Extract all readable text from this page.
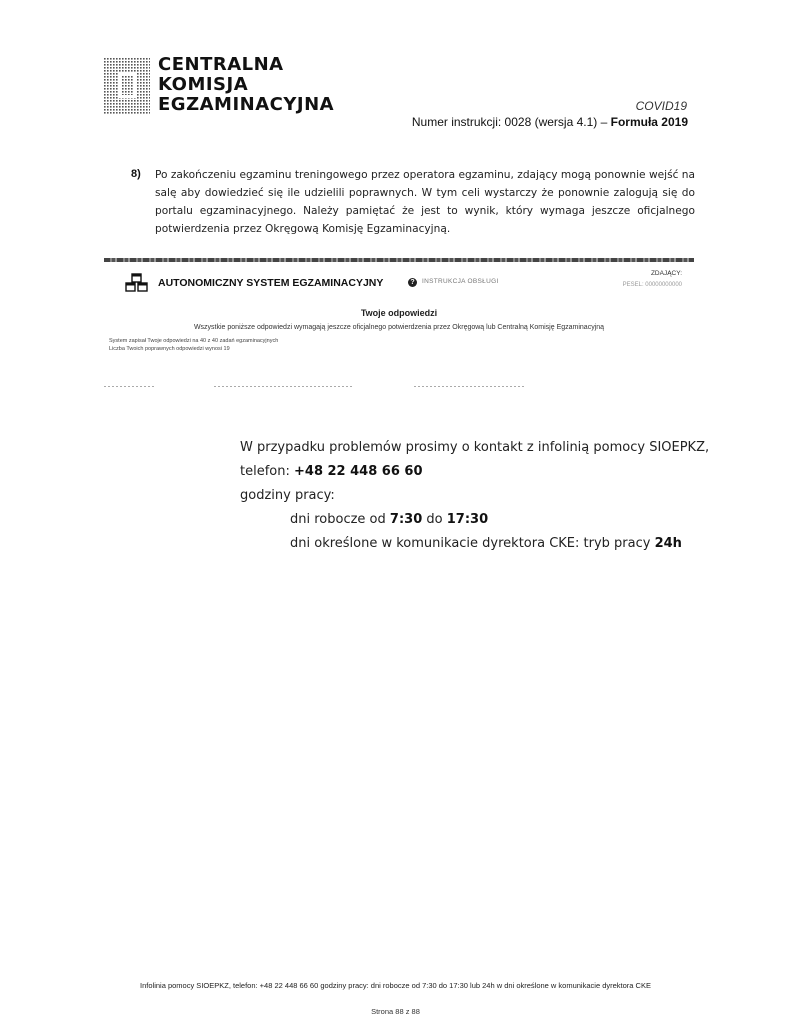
CENTRALNA
KOMISJA
EGZAMINACYJNA	COVID19
Numer instrukcji: 0028 (wersja 4.1) – Formuła 2019
8) Po zakończeniu egzaminu treningowego przez operatora egzaminu, zdający mogą ponownie wejść na salę aby dowiedzieć się ile udzielili poprawnych. W tym celi wystarczy że ponownie zalogują się do portalu egzaminacyjnego. Należy pamiętać że jest to wynik, który wymaga jeszcze oficjalnego potwierdzenia przez Okręgową Komisję Egzaminacyjną.
AUTONOMICZNY SYSTEM EGZAMINACYJNY	?	INSTRUKCJA OBSŁUGI
ZDAJĄCY:
PESEL: 00000000000
Twoje odpowiedzi
Wszystkie poniższe odpowiedzi wymagają jeszcze oficjalnego potwierdzenia przez Okręgową lub Centralną Komisję Egzaminacyjną
System zapisał Twoje odpowiedzi na 40 z 40 zadań egzaminacyjnych
Liczba Twoich poprawnych odpowiedzi wynosi 19
W przypadku problemów prosimy o kontakt z infolinią pomocy SIOEPKZ,
telefon: +48 22 448 66 60
godziny pracy:
dni robocze od 7:30 do 17:30
dni określone w komunikacie dyrektora CKE: tryb pracy 24h
Infolinia pomocy SIOEPKZ, telefon: +48 22 448 66 60 godziny pracy: dni robocze od 7:30 do 17:30 lub 24h w dni określone w komunikacie dyrektora CKE
Strona 88 z 88
